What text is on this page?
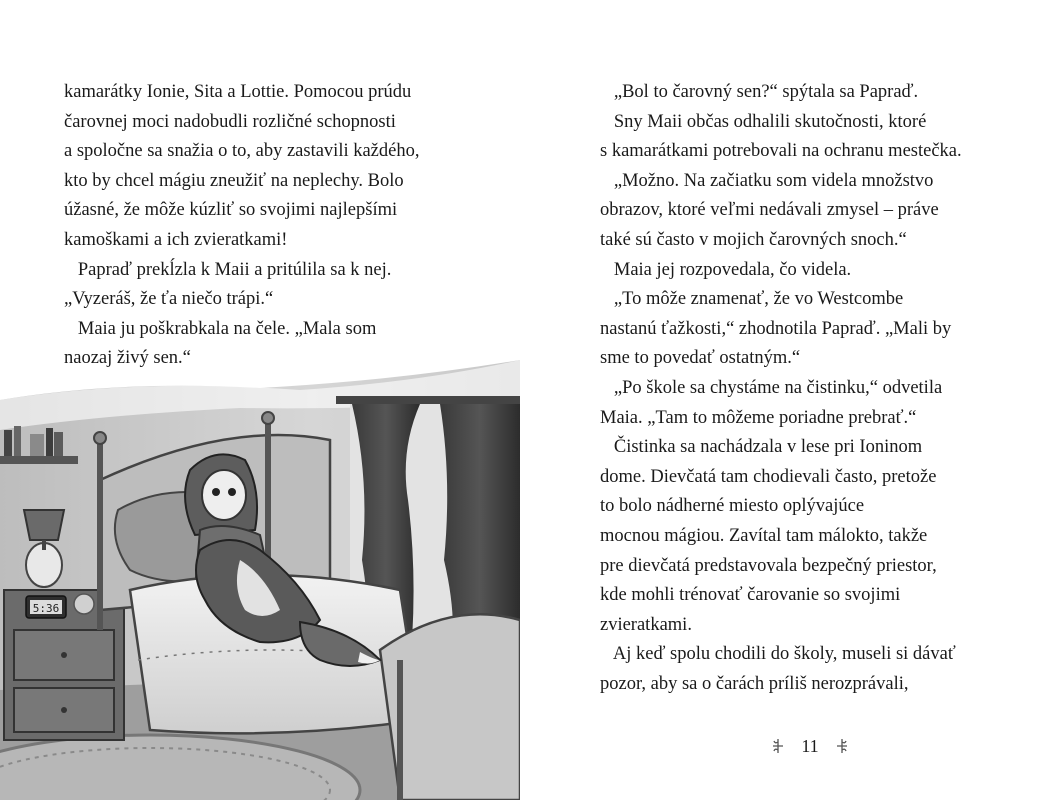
kamarátky Ionie, Sita a Lottie. Pomocou prúdu
čarovnej moci nadobudli rozličné schopnosti
a spoločne sa snažia o to, aby zastavili každého,
kto by chcel mágiu zneužiť na neplechy. Bolo
úžasné, že môže kúzliť so svojimi najlepšími
kamoškami a ich zvieratkami!
Papraď prekĺzla k Maii a pritúlila sa k nej.
„Vyzeráš, že ťa niečo trápi.“
Maia ju poškrabkala na čele. „Mala som
naozaj živý sen.“
5:36
„Bol to čarovný sen?“ spýtala sa Papraď.
Sny Maii občas odhalili skutočnosti, ktoré
s kamarátkami potrebovali na ochranu mestečka.
„Možno. Na začiatku som videla množstvo
obrazov, ktoré veľmi nedávali zmysel – práve
také sú často v mojich čarovných snoch.“
Maia jej rozpovedala, čo videla.
„To môže znamenať, že vo Westcombe
nastanú ťažkosti,“ zhodnotila Papraď. „Mali by
sme to povedať ostatným.“
„Po škole sa chystáme na čistinku,“ odvetila
Maia. „Tam to môžeme poriadne prebrať.“
Čistinka sa nachádzala v lese pri Ioninom
dome. Dievčatá tam chodievali často, pretože
to bolo nádherné miesto oplývajúce
mocnou mágiou. Zavítal tam málokto, takže
pre dievčatá predstavovala bezpečný priestor,
kde mohli trénovať čarovanie so svojimi
zvieratkami.
Aj keď spolu chodili do školy, museli si dávať
pozor, aby sa o čarách príliš nerozprávali,
11
